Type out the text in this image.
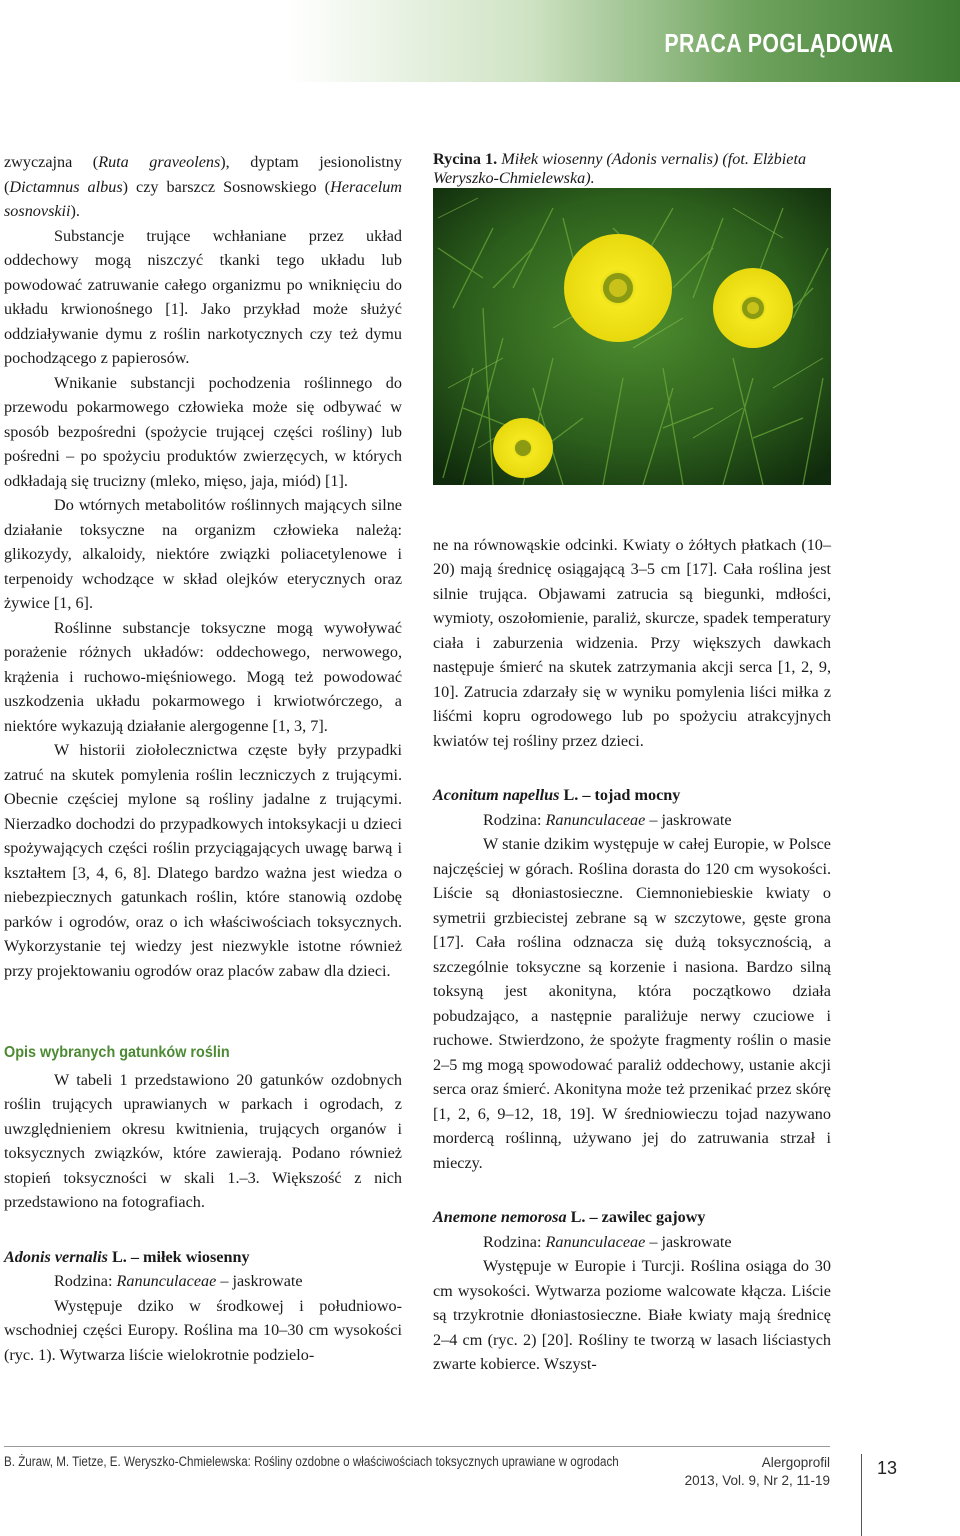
PRACA POGLĄDOWA

zwyczajna (Ruta graveolens), dyptam jesionolistny (Dictamnus albus) czy barszcz Sosnowskiego (Heracelum sosnovskii).

Substancje trujące wchłaniane przez układ oddechowy mogą niszczyć tkanki tego układu lub powodować zatruwanie całego organizmu po wniknięciu do układu krwionośnego [1]. Jako przykład może służyć oddziaływanie dymu z roślin narkotycznych czy też dymu pochodzącego z papierosów.

Wnikanie substancji pochodzenia roślinnego do przewodu pokarmowego człowieka może się odbywać w sposób bezpośredni (spożycie trującej części rośliny) lub pośredni – po spożyciu produktów zwierzęcych, w których odkładają się trucizny (mleko, mięso, jaja, miód) [1].

Do wtórnych metabolitów roślinnych mających silne działanie toksyczne na organizm człowieka należą: glikozydy, alkaloidy, niektóre związki poliacetylenowe i terpenoidy wchodzące w skład olejków eterycznych oraz żywice [1, 6].

Roślinne substancje toksyczne mogą wywoływać porażenie różnych układów: oddechowego, nerwowego, krążenia i ruchowo-mięśniowego. Mogą też powodować uszkodzenia układu pokarmowego i krwiotwórczego, a niektóre wykazują działanie alergogenne [1, 3, 7].

W historii ziołolecznictwa częste były przypadki zatruć na skutek pomylenia roślin leczniczych z trującymi. Obecnie częściej mylone są rośliny jadalne z trującymi. Nierzadko dochodzi do przypadkowych intoksykacji u dzieci spożywających części roślin przyciągających uwagę barwą i kształtem [3, 4, 6, 8]. Dlatego bardzo ważna jest wiedza o niebezpiecznych gatunkach roślin, które stanowią ozdobę parków i ogrodów, oraz o ich właściwościach toksycznych. Wykorzystanie tej wiedzy jest niezwykle istotne również przy projektowaniu ogrodów oraz placów zabaw dla dzieci.

Opis wybranych gatunków roślin

W tabeli 1 przedstawiono 20 gatunków ozdobnych roślin trujących uprawianych w parkach i ogrodach, z uwzględnieniem okresu kwitnienia, trujących organów i toksycznych związków, które zawierają. Podano również stopień toksyczności w skali 1.–3. Większość z nich przedstawiono na fotografiach.

Adonis vernalis L. – miłek wiosenny

Rodzina: Ranunculaceae – jaskrowate

Występuje dziko w środkowej i południowo-wschodniej części Europy. Roślina ma 10–30 cm wysokości (ryc. 1). Wytwarza liście wielokrotnie podzielo-

Rycina 1. Miłek wiosenny (Adonis vernalis) (fot. Elżbieta Weryszko-Chmielewska).

ne na równowąskie odcinki. Kwiaty o żółtych płatkach (10–20) mają średnicę osiągającą 3–5 cm [17]. Cała roślina jest silnie trująca. Objawami zatrucia są biegunki, mdłości, wymioty, oszołomienie, paraliż, skurcze, spadek temperatury ciała i zaburzenia widzenia. Przy większych dawkach następuje śmierć na skutek zatrzymania akcji serca [1, 2, 9, 10]. Zatrucia zdarzały się w wyniku pomylenia liści miłka z liśćmi kopru ogrodowego lub po spożyciu atrakcyjnych kwiatów tej rośliny przez dzieci.

Aconitum napellus L. – tojad mocny

Rodzina: Ranunculaceae – jaskrowate

W stanie dzikim występuje w całej Europie, w Polsce najczęściej w górach. Roślina dorasta do 120 cm wysokości. Liście są dłoniastosieczne. Ciemnoniebieskie kwiaty o symetrii grzbiecistej zebrane są w szczytowe, gęste grona [17]. Cała roślina odznacza się dużą toksycznością, a szczególnie toksyczne są korzenie i nasiona. Bardzo silną toksyną jest akonityna, która początkowo działa pobudzająco, a następnie paraliżuje nerwy czuciowe i ruchowe. Stwierdzono, że spożyte fragmenty roślin o masie 2–5 mg mogą spowodować paraliż oddechowy, ustanie akcji serca oraz śmierć. Akonityna może też przenikać przez skórę [1, 2, 6, 9–12, 18, 19]. W średniowieczu tojad nazywano mordercą roślinną, używano jej do zatruwania strzał i mieczy.

Anemone nemorosa L. – zawilec gajowy

Rodzina: Ranunculaceae – jaskrowate

Występuje w Europie i Turcji. Roślina osiąga do 30 cm wysokości. Wytwarza poziome walcowate kłącza. Liście są trzykrotnie dłoniastosieczne. Białe kwiaty mają średnicę 2–4 cm (ryc. 2) [20]. Rośliny te tworzą w lasach liściastych zwarte kobierce. Wszyst-

B. Żuraw, M. Tietze, E. Weryszko-Chmielewska: Rośliny ozdobne o właściwościach toksycznych uprawiane w ogrodach	Alergoprofil
2013, Vol. 9, Nr 2, 11-19
13
